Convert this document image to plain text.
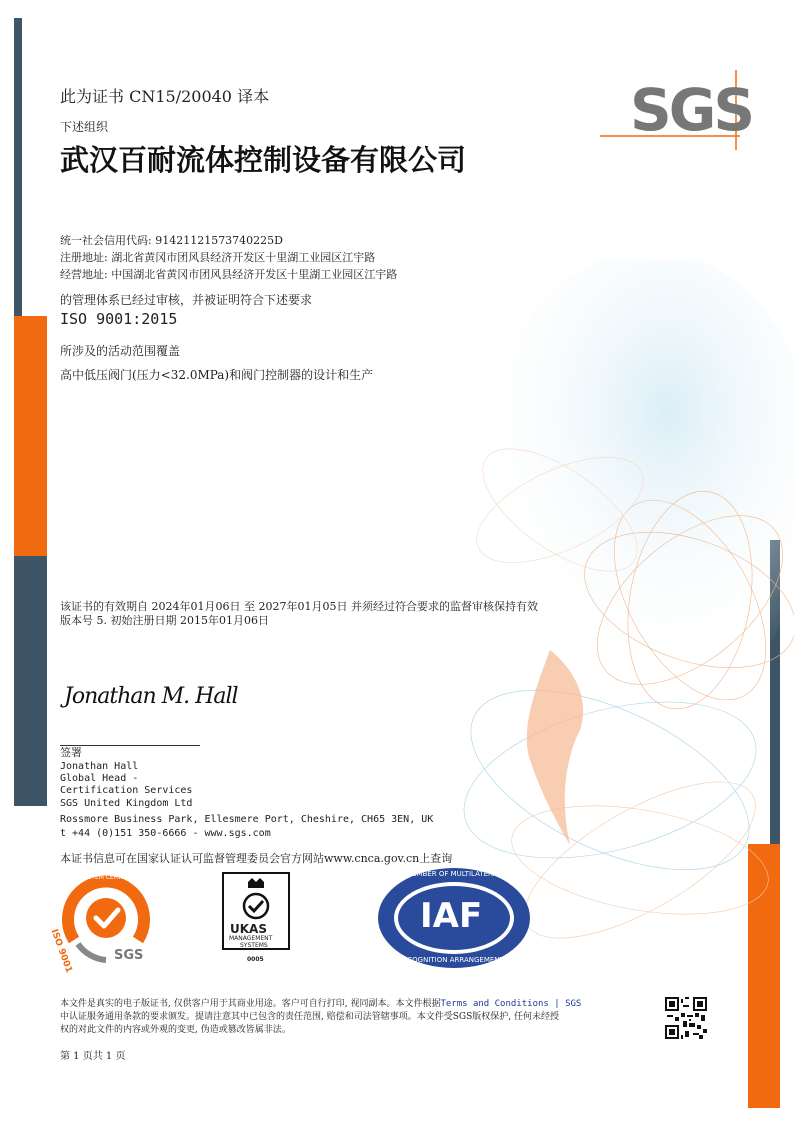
SGS
此为证书 CN15/20040 译本
下述组织
武汉百耐流体控制设备有限公司
统一社会信用代码: 91421121573740225D
注册地址: 湖北省黄冈市团风县经济开发区十里湖工业园区江宇路
经营地址: 中国湖北省黄冈市团风县经济开发区十里湖工业园区江宇路
的管理体系已经过审核，并被证明符合下述要求
ISO 9001:2015
所涉及的活动范围覆盖
高中低压阀门(压力<32.0MPa)和阀门控制器的设计和生产
该证书的有效期自 2024年01月06日 至 2027年01月05日 并须经过符合要求的监督审核保持有效
版本号 5. 初始注册日期 2015年01月06日
Jonathan M. Hall
签署
Jonathan Hall
Global Head -
Certification Services
SGS United Kingdom Ltd
Rossmore Business Park, Ellesmere Port, Cheshire, CH65 3EN, UK
t +44 (0)151 350-6666 - www.sgs.com
本证书信息可在国家认证认可监督管理委员会官方网站www.cnca.gov.cn上查询
SYSTEM CERTIFICATION
ISO 9001	SGS
UKAS
MANAGEMENT
SYSTEMS
0005
IAF
MEMBER OF MULTILATERAL
RECOGNITION ARRANGEMENT
本文件是真实的电子版证书, 仅供客户用于其商业用途。客户可自行打印, 视同副本。本文件根据Terms and Conditions | SGS
中认证服务通用条款的要求颁发。提请注意其中已包含的责任范围, 赔偿和司法管辖事项。本文件受SGS版权保护, 任何未经授
权的对此文件的内容或外观的变更, 伪造或篡改皆属非法。
第 1 页共 1 页
